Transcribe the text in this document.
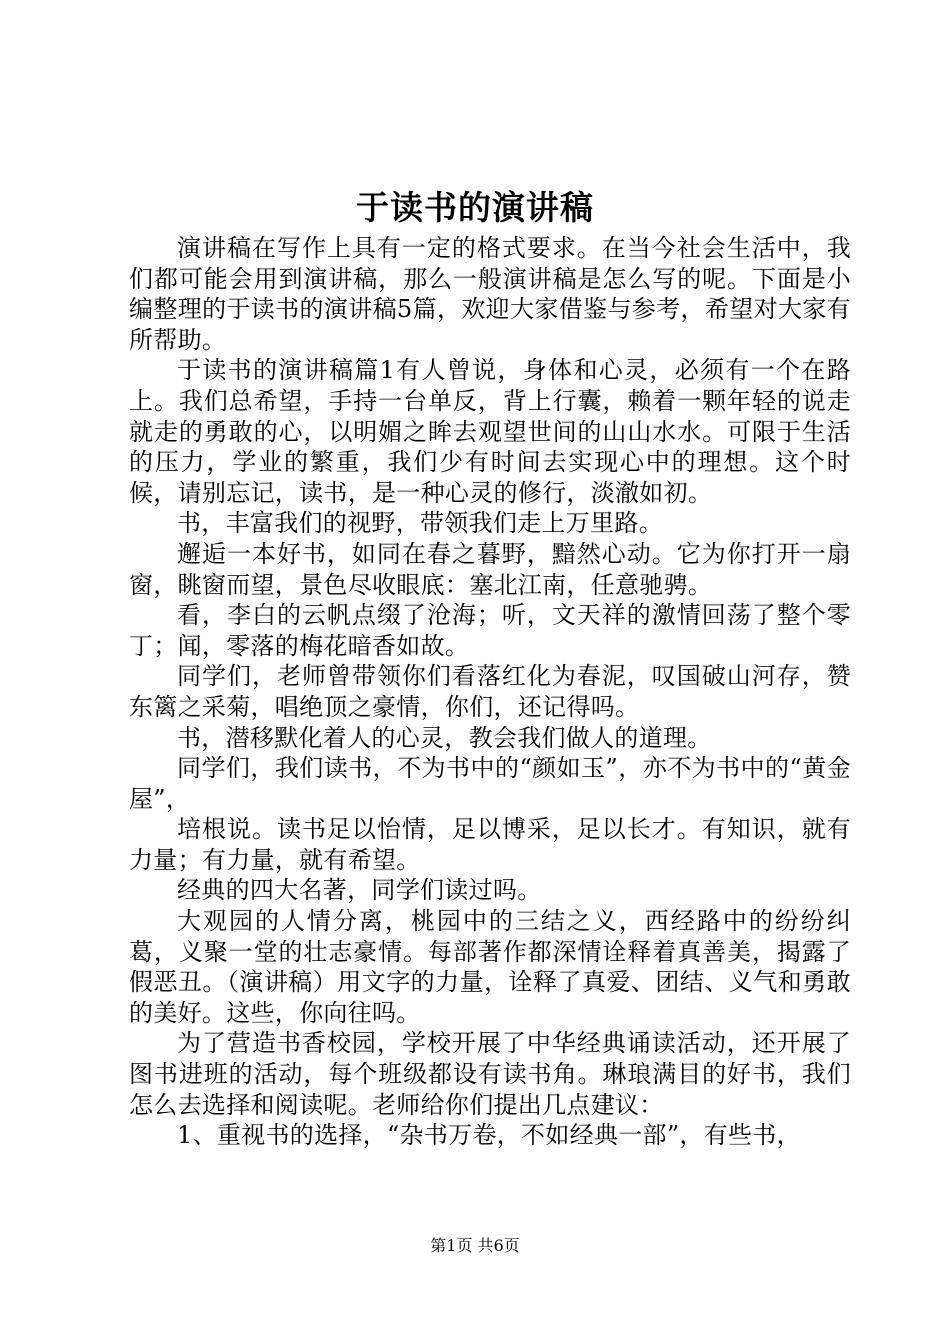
于读书的演讲稿

演讲稿在写作上具有一定的格式要求。在当今社会生活中，我们都可能会用到演讲稿，那么一般演讲稿是怎么写的呢。下面是小编整理的于读书的演讲稿5篇，欢迎大家借鉴与参考，希望对大家有所帮助。

于读书的演讲稿篇1有人曾说，身体和心灵，必须有一个在路上。我们总希望，手持一台单反，背上行囊，赖着一颗年轻的说走就走的勇敢的心，以明媚之眸去观望世间的山山水水。可限于生活的压力，学业的繁重，我们少有时间去实现心中的理想。这个时候，请别忘记，读书，是一种心灵的修行，淡澈如初。

书，丰富我们的视野，带领我们走上万里路。

邂逅一本好书，如同在春之暮野，黯然心动。它为你打开一扇窗，眺窗而望，景色尽收眼底：塞北江南，任意驰骋。

看，李白的云帆点缀了沧海；听，文天祥的激情回荡了整个零丁；闻，零落的梅花暗香如故。

同学们，老师曾带领你们看落红化为春泥，叹国破山河存，赞东篱之采菊，唱绝顶之豪情，你们，还记得吗。

书，潜移默化着人的心灵，教会我们做人的道理。

同学们，我们读书，不为书中的“颜如玉”，亦不为书中的“黄金屋”，

培根说。读书足以怡情，足以博采，足以长才。有知识，就有力量；有力量，就有希望。

经典的四大名著，同学们读过吗。

大观园的人情分离，桃园中的三结之义，西经路中的纷纷纠葛，义聚一堂的壮志豪情。每部著作都深情诠释着真善美，揭露了假恶丑。（演讲稿）用文字的力量，诠释了真爱、团结、义气和勇敢的美好。这些，你向往吗。

为了营造书香校园，学校开展了中华经典诵读活动，还开展了图书进班的活动，每个班级都设有读书角。琳琅满目的好书，我们怎么去选择和阅读呢。老师给你们提出几点建议：

1、重视书的选择，“杂书万卷，不如经典一部”，有些书，

第1页 共6页
